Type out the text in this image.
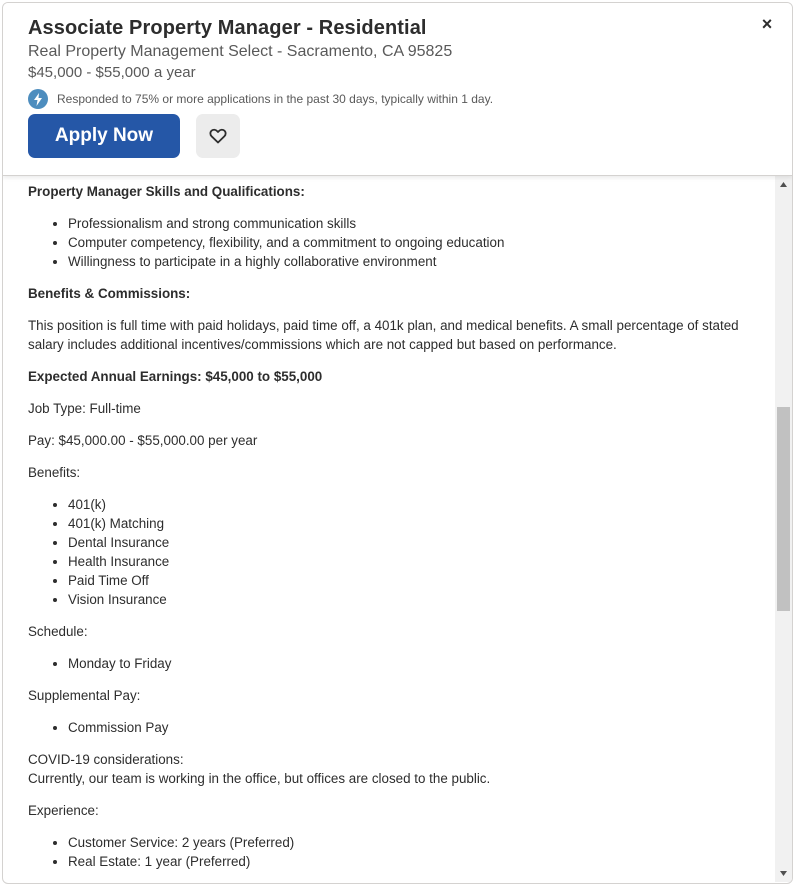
×
Associate Property Manager - Residential
Real Property Management Select - Sacramento, CA 95825
$45,000 - $55,000 a year
Responded to 75% or more applications in the past 30 days, typically within 1 day.
Apply Now

Property Manager Skills and Qualifications:

• Professionalism and strong communication skills
• Computer competency, flexibility, and a commitment to ongoing education
• Willingness to participate in a highly collaborative environment

Benefits & Commissions:

This position is full time with paid holidays, paid time off, a 401k plan, and medical benefits. A small percentage of stated salary includes additional incentives/commissions which are not capped but based on performance.

Expected Annual Earnings: $45,000 to $55,000

Job Type: Full-time

Pay: $45,000.00 - $55,000.00 per year

Benefits:

• 401(k)
• 401(k) Matching
• Dental Insurance
• Health Insurance
• Paid Time Off
• Vision Insurance

Schedule:

• Monday to Friday

Supplemental Pay:

• Commission Pay

COVID-19 considerations:

Currently, our team is working in the office, but offices are closed to the public.

Experience:

• Customer Service: 2 years (Preferred)
• Real Estate: 1 year (Preferred)
